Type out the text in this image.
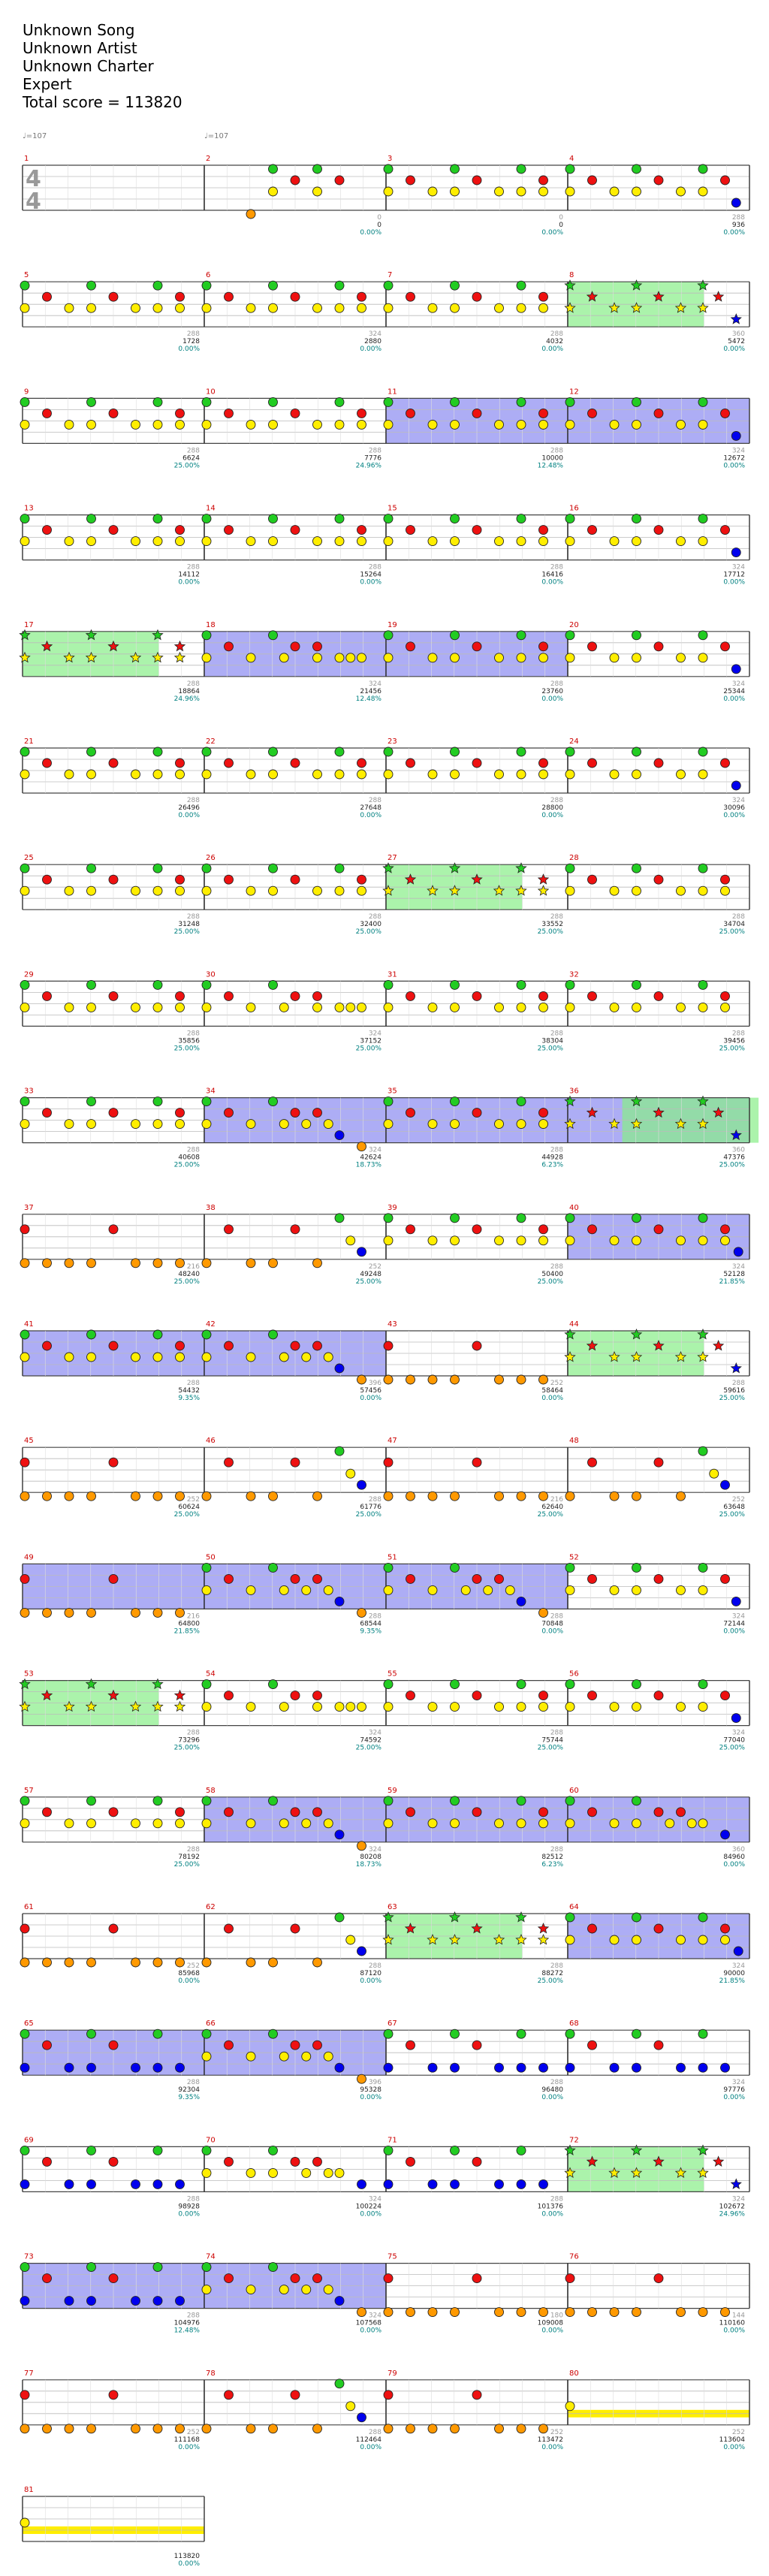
Unknown Song
Unknown Artist
Unknown Charter
Expert
Total score = 113820
♩=107	♩=107
1	2
0
0
0.00%
3
0
0
0.00%
4
288
936
0.00%
5
288
1728
0.00%
6
324
2880
0.00%
7
288
4032
0.00%
8
360
5472
0.00%
9
288
6624
25.00%
10
288
7776
24.96%
11
288
10000
12.48%
12
324
12672
0.00%
13
288
14112
0.00%
14
288
15264
0.00%
15
288
16416
0.00%
16
324
17712
0.00%
17
288
18864
24.96%
18
324
21456
12.48%
19
288
23760
0.00%
20
324
25344
0.00%
21
288
26496
0.00%
22
288
27648
0.00%
23
288
28800
0.00%
24
324
30096
0.00%
25
288
31248
25.00%
26
288
32400
25.00%
27
288
33552
25.00%
28
288
34704
25.00%
29
288
35856
25.00%
30
324
37152
25.00%
31
288
38304
25.00%
32
288
39456
25.00%
33
288
40608
25.00%
34
324
42624
18.73%
35
288
44928
6.23%
36
360
47376
25.00%
37
216
48240
25.00%
38
252
49248
25.00%
39
288
50400
25.00%
40
324
52128
21.85%
41
288
54432
9.35%
42
396
57456
0.00%
43
252
58464
0.00%
44
288
59616
25.00%
45
252
60624
25.00%
46
288
61776
25.00%
47
216
62640
25.00%
48
252
63648
25.00%
49
216
64800
21.85%
50
288
68544
9.35%
51
288
70848
0.00%
52
324
72144
0.00%
53
288
73296
25.00%
54
324
74592
25.00%
55
288
75744
25.00%
56
324
77040
25.00%
57
288
78192
25.00%
58
324
80208
18.73%
59
288
82512
6.23%
60
360
84960
0.00%
61
252
85968
0.00%
62
288
87120
0.00%
63
288
88272
25.00%
64
324
90000
21.85%
65
288
92304
9.35%
66
396
95328
0.00%
67
288
96480
0.00%
68
324
97776
0.00%
69
288
98928
0.00%
70
324
100224
0.00%
71
288
101376
0.00%
72
324
102672
24.96%
73
288
104976
12.48%
74
324
107568
0.00%
75
180
109008
0.00%
76
144
110160
0.00%
77
252
111168
0.00%
78
288
112464
0.00%
79
252
113472
0.00%
80
252
113604
0.00%
81
113820
0.00%
4
4
